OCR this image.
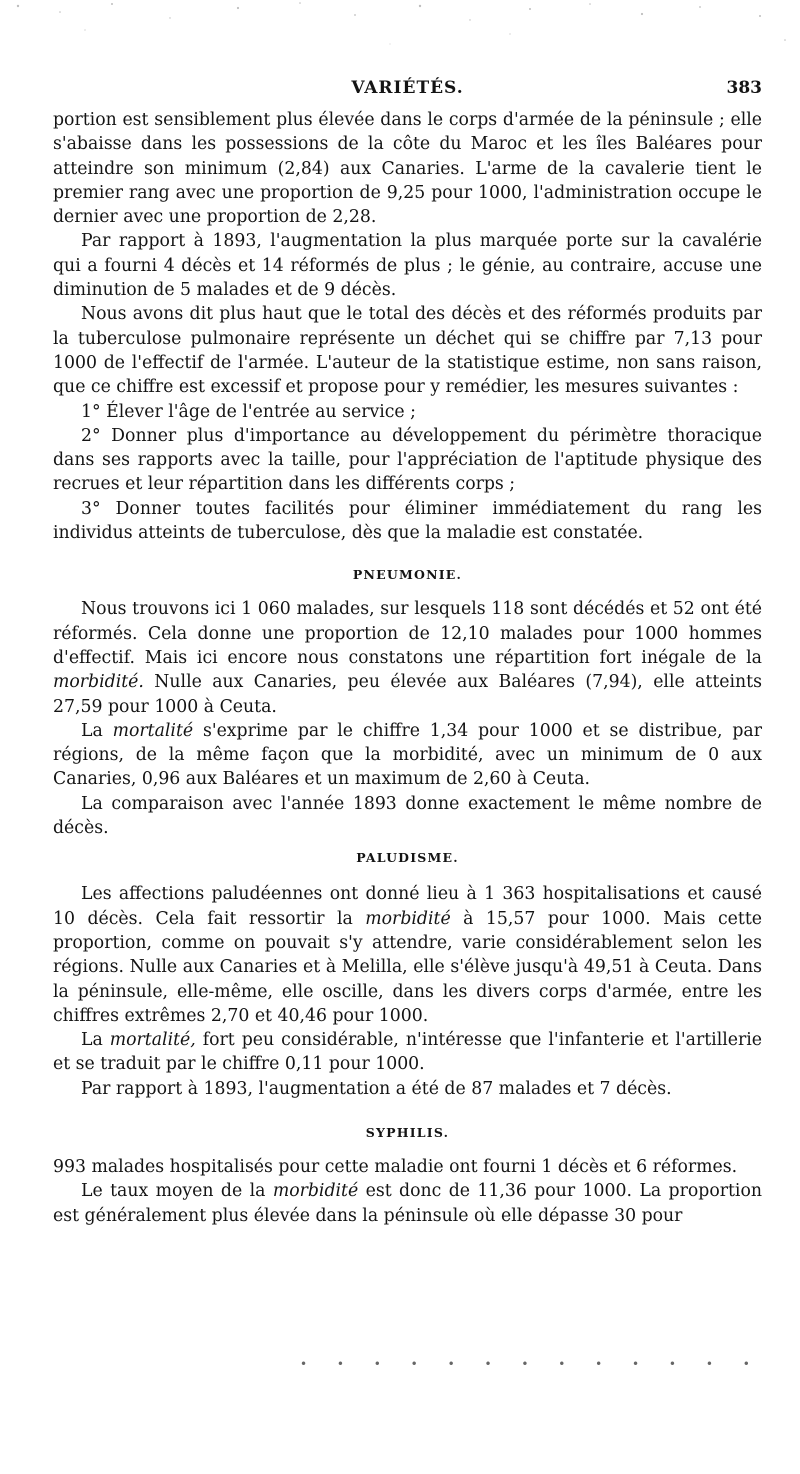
VARIÉTÉS.	383

portion est sensiblement plus élevée dans le corps d'armée de la péninsule ; elle s'abaisse dans les possessions de la côte du Maroc et les îles Baléares pour atteindre son minimum (2,84) aux Canaries. L'arme de la cavalerie tient le premier rang avec une proportion de 9,25 pour 1000, l'administration occupe le dernier avec une proportion de 2,28.

Par rapport à 1893, l'augmentation la plus marquée porte sur la cavalérie qui a fourni 4 décès et 14 réformés de plus ; le génie, au contraire, accuse une diminution de 5 malades et de 9 décès.

Nous avons dit plus haut que le total des décès et des réformés produits par la tuberculose pulmonaire représente un déchet qui se chiffre par 7,13 pour 1000 de l'effectif de l'armée. L'auteur de la statistique estime, non sans raison, que ce chiffre est excessif et propose pour y remédier, les mesures suivantes :

1° Élever l'âge de l'entrée au service ;

2° Donner plus d'importance au développement du périmètre thoracique dans ses rapports avec la taille, pour l'appréciation de l'aptitude physique des recrues et leur répartition dans les différents corps ;

3° Donner toutes facilités pour éliminer immédiatement du rang les individus atteints de tuberculose, dès que la maladie est constatée.

PNEUMONIE.

Nous trouvons ici 1 060 malades, sur lesquels 118 sont décédés et 52 ont été réformés. Cela donne une proportion de 12,10 malades pour 1000 hommes d'effectif. Mais ici encore nous constatons une répartition fort inégale de la morbidité. Nulle aux Canaries, peu élevée aux Baléares (7,94), elle atteints 27,59 pour 1000 à Ceuta.

La mortalité s'exprime par le chiffre 1,34 pour 1000 et se distribue, par régions, de la même façon que la morbidité, avec un minimum de 0 aux Canaries, 0,96 aux Baléares et un maximum de 2,60 à Ceuta.

La comparaison avec l'année 1893 donne exactement le même nombre de décès.

PALUDISME.

Les affections paludéennes ont donné lieu à 1 363 hospitalisations et causé 10 décès. Cela fait ressortir la morbidité à 15,57 pour 1000. Mais cette proportion, comme on pouvait s'y attendre, varie considérablement selon les régions. Nulle aux Canaries et à Melilla, elle s'élève jusqu'à 49,51 à Ceuta. Dans la péninsule, elle-même, elle oscille, dans les divers corps d'armée, entre les chiffres extrêmes 2,70 et 40,46 pour 1000.

La mortalité, fort peu considérable, n'intéresse que l'infanterie et l'artillerie et se traduit par le chiffre 0,11 pour 1000.

Par rapport à 1893, l'augmentation a été de 87 malades et 7 décès.

SYPHILIS.

993 malades hospitalisés pour cette maladie ont fourni 1 décès et 6 réformes.

Le taux moyen de la morbidité est donc de 11,36 pour 1000. La proportion est généralement plus élevée dans la péninsule où elle dépasse 30 pour

• • • • • • • • • • • • •
